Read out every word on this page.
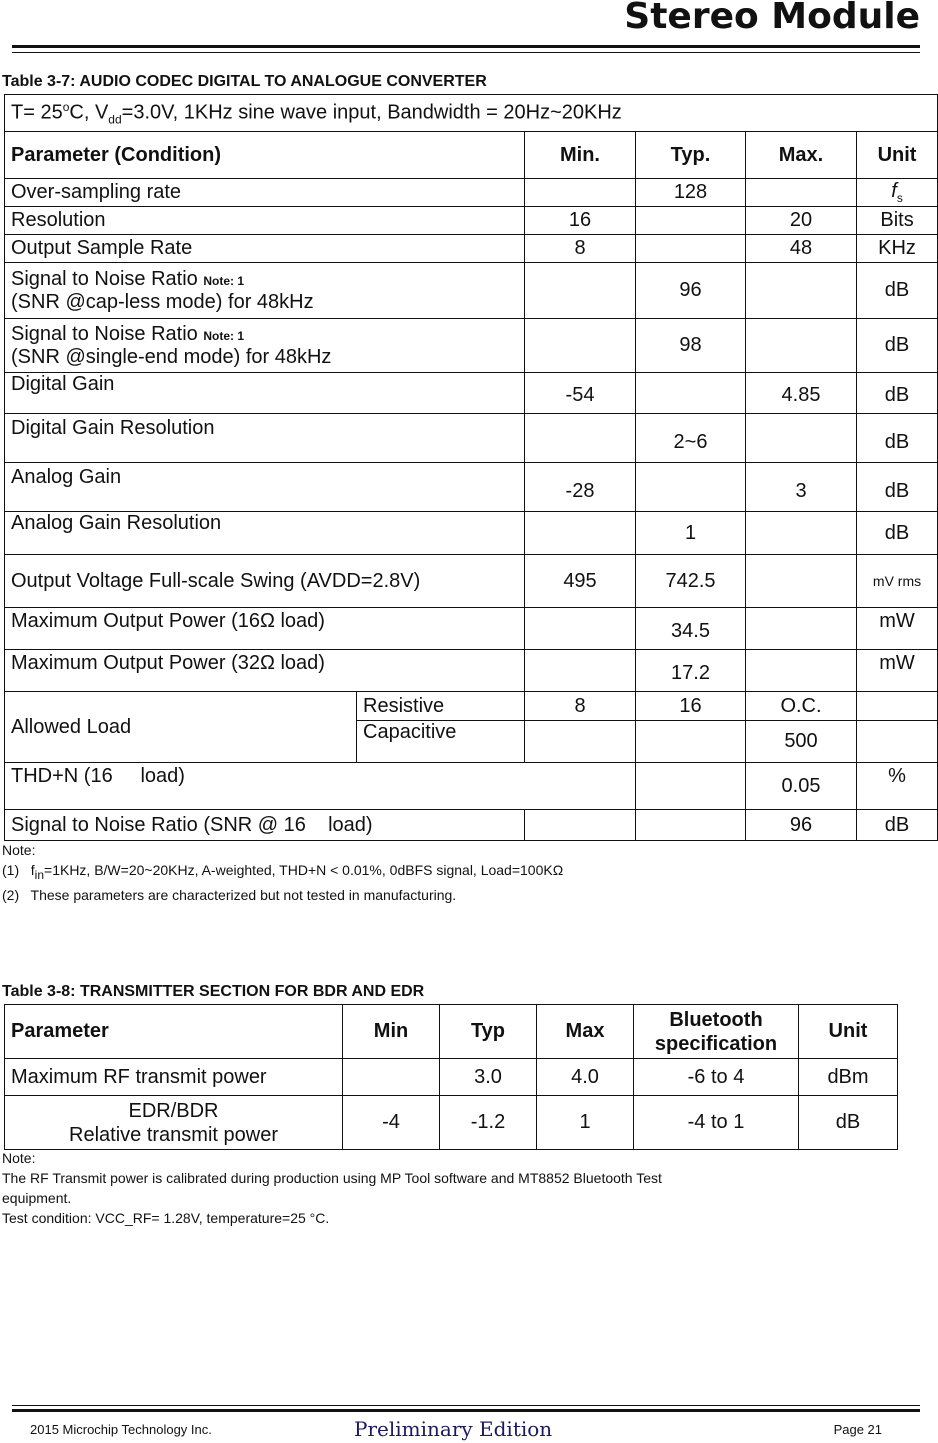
Stereo Module
Table 3-7: AUDIO CODEC DIGITAL TO ANALOGUE CONVERTER
$T= 25^oC$, $V_{dd}=3.0V$, 1KHz sine wave input, Bandwidth = 20Hz~20KHz					
Parameter (Condition)		Min.	Typ.	Max.	Unit
Over-sampling rate			128		$f_s$
Resolution		16		20	Bits
Output Sample Rate		8		48	KHz
Signal to Noise Ratio Note: 1
(SNR @cap-less mode) for 48kHz			96		dB
Signal to Noise Ratio Note: 1
(SNR @single-end mode) for 48kHz			98		dB
Digital Gain		-54		4.85	dB
Digital Gain Resolution			2~6		dB
Analog Gain		-28		3	dB
Analog Gain Resolution			1		dB
Output Voltage Full-scale Swing (AVDD=2.8V)		495	742.5		mV rms
Maximum Output Power (16Ω load)			34.5		mW
Maximum Output Power (32Ω load)			17.2		mW
Allowed Load	Resistive	8	16	O.C.	
	Capacitive			500	
THD+N (16     load)				0.05	%
Signal to Noise Ratio (SNR @ 16    load)				96	dB
Note:
(1)   $f_{in}=1KHz$, B/W=20~20KHz, A-weighted, THD+N < 0.01%, 0dBFS signal, Load=100KΩ
(2)   These parameters are characterized but not tested in manufacturing.
Table 3-8: TRANSMITTER SECTION FOR BDR AND EDR
Parameter	Min	Typ	Max	Bluetooth specification	Unit
Maximum RF transmit power		3.0	4.0	-6 to 4	dBm

EDR/BDR
Relative transmit power	-4	-1.2	1	-4 to 1	dB
Note:
The RF Transmit power is calibrated during production using MP Tool software and MT8852 Bluetooth Test
equipment.
Test condition: VCC_RF= 1.28V, temperature=25 °C.
2015 Microchip Technology Inc.	Preliminary Edition	Page 21
